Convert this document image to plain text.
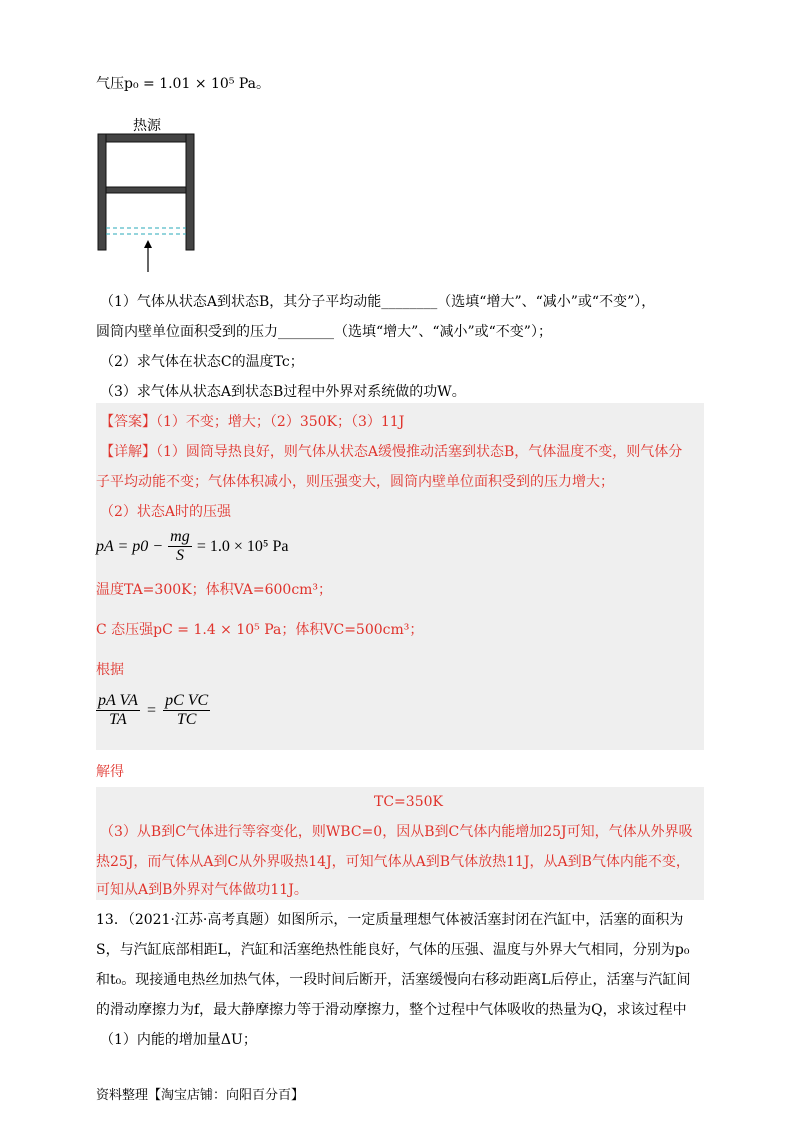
气压p₀ = 1.01 × 10⁵ Pa。
热源
（1）气体从状态A到状态B，其分子平均动能________（选填“增大”、“减小”或“不变”），
圆筒内壁单位面积受到的压力________（选填“增大”、“减小”或“不变”）；
（2）求气体在状态C的温度Tc；
（3）求气体从状态A到状态B过程中外界对系统做的功W。
【答案】（1）不变；增大；（2）350K；（3）11J
【详解】（1）圆筒导热良好，则气体从状态A缓慢推动活塞到状态B，气体温度不变，则气体分
子平均动能不变；气体体积减小，则压强变大，圆筒内壁单位面积受到的压力增大；
（2）状态A时的压强
pA = $p0 - \frac{mg}{S} = 1.0 \times 10^5$ Pa
温度TA=300K；体积VA=600cm³；
C 态压强pC = 1.4 × 10⁵ Pa；体积VC=500cm³；
根据
$\frac{\text{pA VA}}{TA} = \frac{\text{pC VC}}{TC}$
解得
TC=350K
（3）从B到C气体进行等容变化，则WBC=0，因从B到C气体内能增加25J可知，气体从外界吸
热25J，而气体从A到C从外界吸热14J，可知气体从A到B气体放热11J，从A到B气体内能不变，
可知从A到B外界对气体做功11J。
13．（2021·江苏·高考真题）如图所示，一定质量理想气体被活塞封闭在汽缸中，活塞的面积为
S，与汽缸底部相距L，汽缸和活塞绝热性能良好，气体的压强、温度与外界大气相同，分别为p₀
和t₀。现接通电热丝加热气体，一段时间后断开，活塞缓慢向右移动距离L后停止，活塞与汽缸间
的滑动摩擦力为f，最大静摩擦力等于滑动摩擦力，整个过程中气体吸收的热量为Q，求该过程中
（1）内能的增加量ΔU；
资料整理【淘宝店铺：向阳百分百】
